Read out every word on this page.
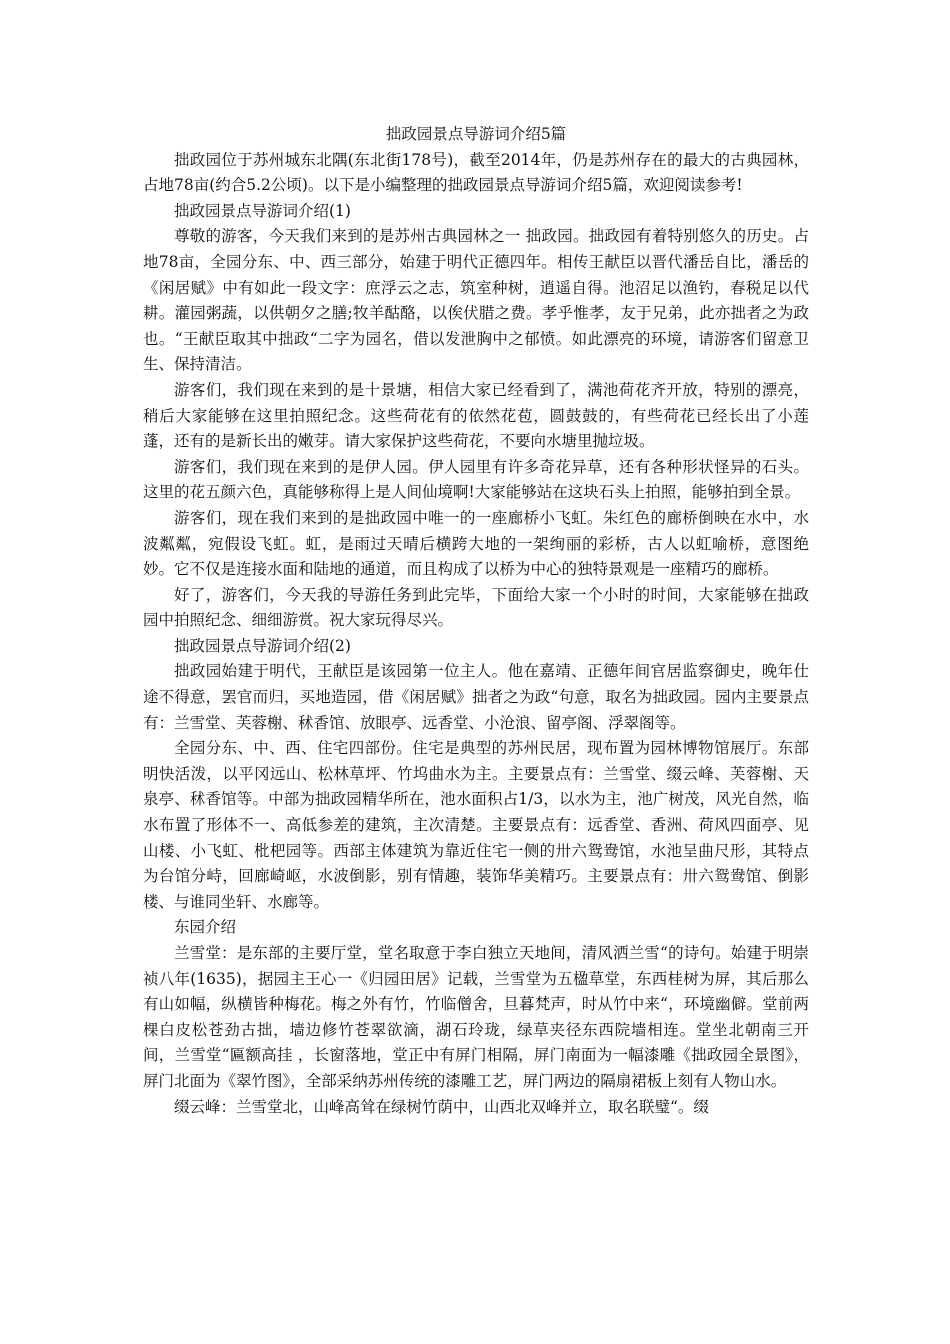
拙政园景点导游词介绍5篇

拙政园位于苏州城东北隅(东北街178号)，截至2014年，仍是苏州存在的最大的古典园林，占地78亩(约合5.2公顷)。以下是小编整理的拙政园景点导游词介绍5篇，欢迎阅读参考!

拙政园景点导游词介绍(1)

尊敬的游客，今天我们来到的是苏州古典园林之一 拙政园。拙政园有着特别悠久的历史。占地78亩，全园分东、中、西三部分，始建于明代正德四年。相传王献臣以晋代潘岳自比，潘岳的《闲居赋》中有如此一段文字：庶浮云之志，筑室种树，逍遥自得。池沼足以渔钓，春税足以代耕。灌园粥蔬，以供朝夕之膳;牧羊酤酪，以俟伏腊之费。孝乎惟孝，友于兄弟，此亦拙者之为政也。“王献臣取其中拙政“二字为园名，借以发泄胸中之郁愤。如此漂亮的环境，请游客们留意卫生、保持清洁。

游客们，我们现在来到的是十景塘，相信大家已经看到了，满池荷花齐开放，特别的漂亮，稍后大家能够在这里拍照纪念。这些荷花有的依然花苞，圆鼓鼓的，有些荷花已经长出了小莲蓬，还有的是新长出的嫩芽。请大家保护这些荷花，不要向水塘里抛垃圾。

游客们，我们现在来到的是伊人园。伊人园里有许多奇花异草，还有各种形状怪异的石头。这里的花五颜六色，真能够称得上是人间仙境啊!大家能够站在这块石头上拍照，能够拍到全景。

游客们，现在我们来到的是拙政园中唯一的一座廊桥小飞虹。朱红色的廊桥倒映在水中，水波粼粼，宛假设飞虹。虹，是雨过天晴后横跨大地的一架绚丽的彩桥，古人以虹喻桥，意图绝妙。它不仅是连接水面和陆地的通道，而且构成了以桥为中心的独特景观是一座精巧的廊桥。

好了，游客们，今天我的导游任务到此完毕，下面给大家一个小时的时间，大家能够在拙政园中拍照纪念、细细游赏。祝大家玩得尽兴。

拙政园景点导游词介绍(2)

拙政园始建于明代，王献臣是该园第一位主人。他在嘉靖、正德年间官居监察御史，晚年仕途不得意，罢官而归，买地造园，借《闲居赋》拙者之为政“句意，取名为拙政园。园内主要景点有：兰雪堂、芙蓉榭、秫香馆、放眼亭、远香堂、小沧浪、留亭阁、浮翠阁等。

全园分东、中、西、住宅四部份。住宅是典型的苏州民居，现布置为园林博物馆展厅。东部明快活泼，以平冈远山、松林草坪、竹坞曲水为主。主要景点有：兰雪堂、缀云峰、芙蓉榭、天泉亭、秫香馆等。中部为拙政园精华所在，池水面积占1/3，以水为主，池广树茂，风光自然，临水布置了形体不一、高低参差的建筑，主次清楚。主要景点有：远香堂、香洲、荷风四面亭、见山楼、小飞虹、枇杷园等。西部主体建筑为靠近住宅一侧的卅六鸳鸯馆，水池呈曲尺形，其特点为台馆分峙，回廊崎岖，水波倒影，别有情趣，装饰华美精巧。主要景点有：卅六鸳鸯馆、倒影楼、与谁同坐轩、水廊等。

东园介绍

兰雪堂：是东部的主要厅堂，堂名取意于李白独立天地间，清风洒兰雪“的诗句。始建于明崇祯八年(1635)，据园主王心一《归园田居》记载，兰雪堂为五楹草堂，东西桂树为屏，其后那么有山如幅，纵横皆种梅花。梅之外有竹，竹临僧舍，旦暮梵声，时从竹中来“，环境幽僻。堂前两棵白皮松苍劲古拙，墙边修竹苍翠欲滴，湖石玲珑，绿草夹径东西院墙相连。堂坐北朝南三开间，兰雪堂“匾额高挂 ，长窗落地，堂正中有屏门相隔，屏门南面为一幅漆雕《拙政园全景图》，屏门北面为《翠竹图》，全部采纳苏州传统的漆雕工艺，屏门两边的隔扇裙板上刻有人物山水。

缀云峰：兰雪堂北，山峰高耸在绿树竹荫中，山西北双峰并立，取名联璧“。缀
